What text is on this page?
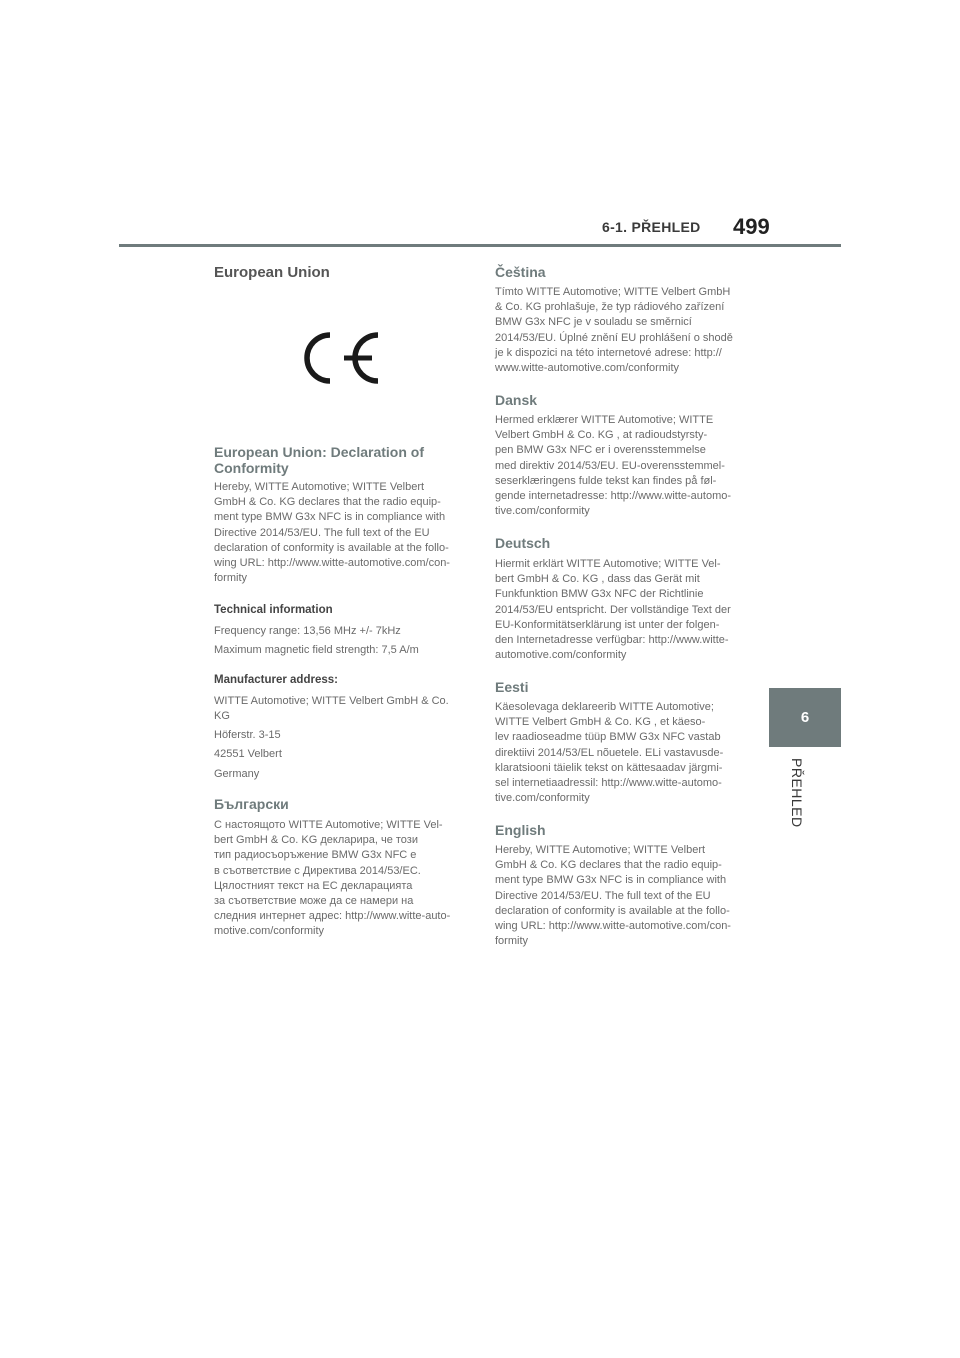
6-1. PŘEHLED 499
6
PŘEHLED
European Union
European Union: Declaration of
Conformity

Hereby, WITTE Automotive; WITTE Velbert
GmbH & Co. KG declares that the radio equip-
ment type BMW G3x NFC is in compliance with
Directive 2014/53/EU. The full text of the EU
declaration of conformity is available at the follo-
wing URL: http://www.witte-automotive.com/con-
formity

Technical information

Frequency range: 13,56 MHz +/- 7kHz

Maximum magnetic field strength: 7,5 A/m

Manufacturer address:

WITTE Automotive; WITTE Velbert GmbH & Co.
KG

Höferstr. 3-15

42551 Velbert

Germany

Български

С настоящото WITTE Automotive; WITTE Vel-
bert GmbH & Co. KG декларира, че този
тип радиосъоръжение BMW G3x NFC е
в съответствие с Директива 2014/53/ЕС.
Цялостният текст на ЕС декларацията
за съответствие може да се намери на
следния интернет адрес: http://www.witte-auto-
motive.com/conformity

Čeština

Tímto WITTE Automotive; WITTE Velbert GmbH
& Co. KG prohlašuje, že typ rádiového zařízení
BMW G3x NFC je v souladu se směrnicí
2014/53/EU. Úplné znění EU prohlášení o shodě
je k dispozici na této internetové adrese: http://
www.witte-automotive.com/conformity

Dansk

Hermed erklærer WITTE Automotive; WITTE
Velbert GmbH & Co. KG , at radioudstyrsty-
pen BMW G3x NFC er i overensstemmelse
med direktiv 2014/53/EU. EU-overensstemmel-
seserklæringens fulde tekst kan findes på føl-
gende internetadresse: http://www.witte-automo-
tive.com/conformity

Deutsch

Hiermit erklärt WITTE Automotive; WITTE Vel-
bert GmbH & Co. KG , dass das Gerät mit
Funkfunktion BMW G3x NFC der Richtlinie
2014/53/EU entspricht. Der vollständige Text der
EU-Konformitätserklärung ist unter der folgen-
den Internetadresse verfügbar: http://www.witte-
automotive.com/conformity

Eesti

Käesolevaga deklareerib WITTE Automotive;
WITTE Velbert GmbH & Co. KG , et käeso-
lev raadioseadme tüüp BMW G3x NFC vastab
direktiivi 2014/53/EL nõuetele. ELi vastavusde-
klaratsiooni täielik tekst on kättesaadav järgmi-
sel internetiaadressil: http://www.witte-automo-
tive.com/conformity

English

Hereby, WITTE Automotive; WITTE Velbert
GmbH & Co. KG declares that the radio equip-
ment type BMW G3x NFC is in compliance with
Directive 2014/53/EU. The full text of the EU
declaration of conformity is available at the follo-
wing URL: http://www.witte-automotive.com/con-
formity
